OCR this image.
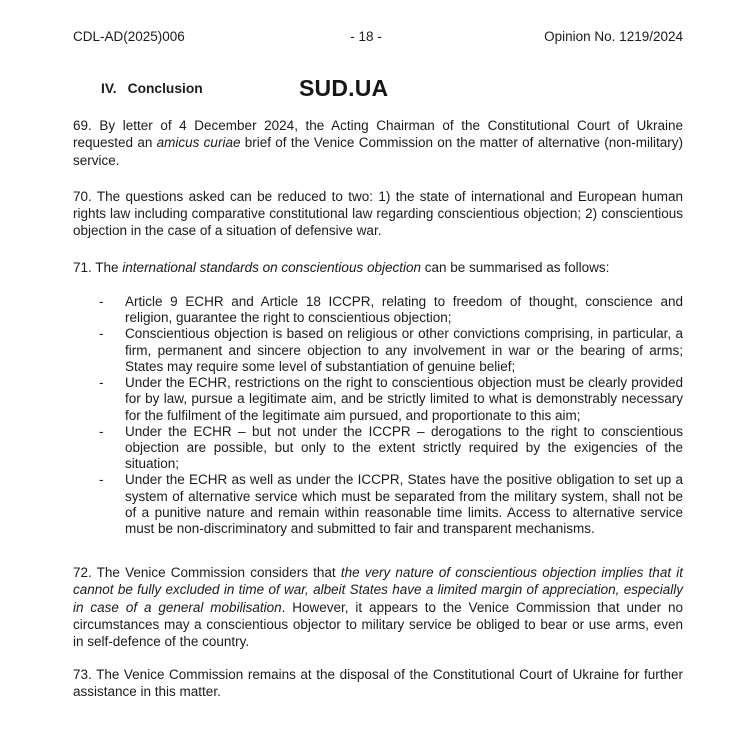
CDL-AD(2025)006	- 18 -	Opinion No. 1219/2024
IV. Conclusion	SUD.UA

69. By letter of 4 December 2024, the Acting Chairman of the Constitutional Court of Ukraine requested an amicus curiae brief of the Venice Commission on the matter of alternative (non-military) service.

70. The questions asked can be reduced to two: 1) the state of international and European human rights law including comparative constitutional law regarding conscientious objection; 2) conscientious objection in the case of a situation of defensive war.

71. The international standards on conscientious objection can be summarised as follows:

- Article 9 ECHR and Article 18 ICCPR, relating to freedom of thought, conscience and religion, guarantee the right to conscientious objection;
- Conscientious objection is based on religious or other convictions comprising, in particular, a firm, permanent and sincere objection to any involvement in war or the bearing of arms; States may require some level of substantiation of genuine belief;
- Under the ECHR, restrictions on the right to conscientious objection must be clearly provided for by law, pursue a legitimate aim, and be strictly limited to what is demonstrably necessary for the fulfilment of the legitimate aim pursued, and proportionate to this aim;
- Under the ECHR – but not under the ICCPR – derogations to the right to conscientious objection are possible, but only to the extent strictly required by the exigencies of the situation;
- Under the ECHR as well as under the ICCPR, States have the positive obligation to set up a system of alternative service which must be separated from the military system, shall not be of a punitive nature and remain within reasonable time limits. Access to alternative service must be non-discriminatory and submitted to fair and transparent mechanisms.

72. The Venice Commission considers that the very nature of conscientious objection implies that it cannot be fully excluded in time of war, albeit States have a limited margin of appreciation, especially in case of a general mobilisation. However, it appears to the Venice Commission that under no circumstances may a conscientious objector to military service be obliged to bear or use arms, even in self-defence of the country.

73. The Venice Commission remains at the disposal of the Constitutional Court of Ukraine for further assistance in this matter.
